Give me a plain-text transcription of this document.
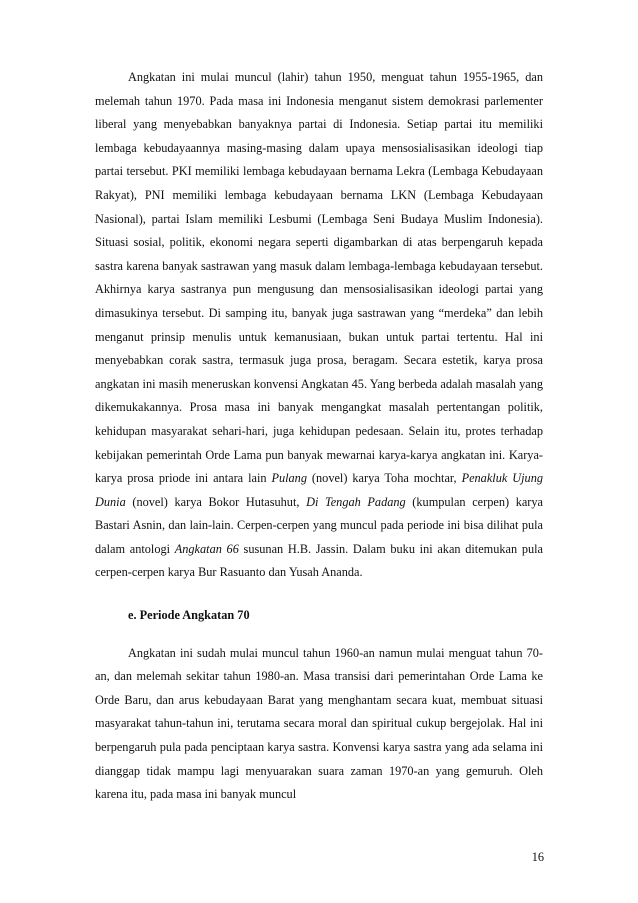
Angkatan ini mulai muncul (lahir) tahun 1950, menguat tahun 1955-1965, dan melemah tahun 1970. Pada masa ini Indonesia menganut sistem demokrasi parlementer liberal yang menyebabkan banyaknya partai di Indonesia. Setiap partai itu memiliki lembaga kebudayaannya masing-masing dalam upaya mensosialisasikan ideologi tiap partai tersebut. PKI memiliki lembaga kebudayaan bernama Lekra (Lembaga Kebudayaan Rakyat), PNI memiliki lembaga kebudayaan bernama LKN (Lembaga Kebudayaan Nasional), partai Islam memiliki Lesbumi (Lembaga Seni Budaya Muslim Indonesia). Situasi sosial, politik, ekonomi negara seperti digambarkan di atas berpengaruh kepada sastra karena banyak sastrawan yang masuk dalam lembaga-lembaga kebudayaan tersebut. Akhirnya karya sastranya pun mengusung dan mensosialisasikan ideologi partai yang dimasukinya tersebut. Di samping itu, banyak juga sastrawan yang “merdeka” dan lebih menganut prinsip menulis untuk kemanusiaan, bukan untuk partai tertentu. Hal ini menyebabkan corak sastra, termasuk juga prosa, beragam. Secara estetik, karya prosa angkatan ini masih meneruskan konvensi Angkatan 45. Yang berbeda adalah masalah yang dikemukakannya. Prosa masa ini banyak mengangkat masalah pertentangan politik, kehidupan masyarakat sehari-hari, juga kehidupan pedesaan. Selain itu, protes terhadap kebijakan pemerintah Orde Lama pun banyak mewarnai karya-karya angkatan ini. Karya-karya prosa priode ini antara lain Pulang (novel) karya Toha mochtar, Penakluk Ujung Dunia (novel) karya Bokor Hutasuhut, Di Tengah Padang (kumpulan cerpen) karya Bastari Asnin, dan lain-lain. Cerpen-cerpen yang muncul pada periode ini bisa dilihat pula dalam antologi Angkatan 66 susunan H.B. Jassin. Dalam buku ini akan ditemukan pula cerpen-cerpen karya Bur Rasuanto dan Yusah Ananda.

e. Periode Angkatan 70

Angkatan ini sudah mulai muncul tahun 1960-an namun mulai menguat tahun 70-an, dan melemah sekitar tahun 1980-an. Masa transisi dari pemerintahan Orde Lama ke Orde Baru, dan arus kebudayaan Barat yang menghantam secara kuat, membuat situasi masyarakat tahun-tahun ini, terutama secara moral dan spiritual cukup bergejolak. Hal ini berpengaruh pula pada penciptaan karya sastra. Konvensi karya sastra yang ada selama ini dianggap tidak mampu lagi menyuarakan suara zaman 1970-an yang gemuruh. Oleh karena itu, pada masa ini banyak muncul

16
